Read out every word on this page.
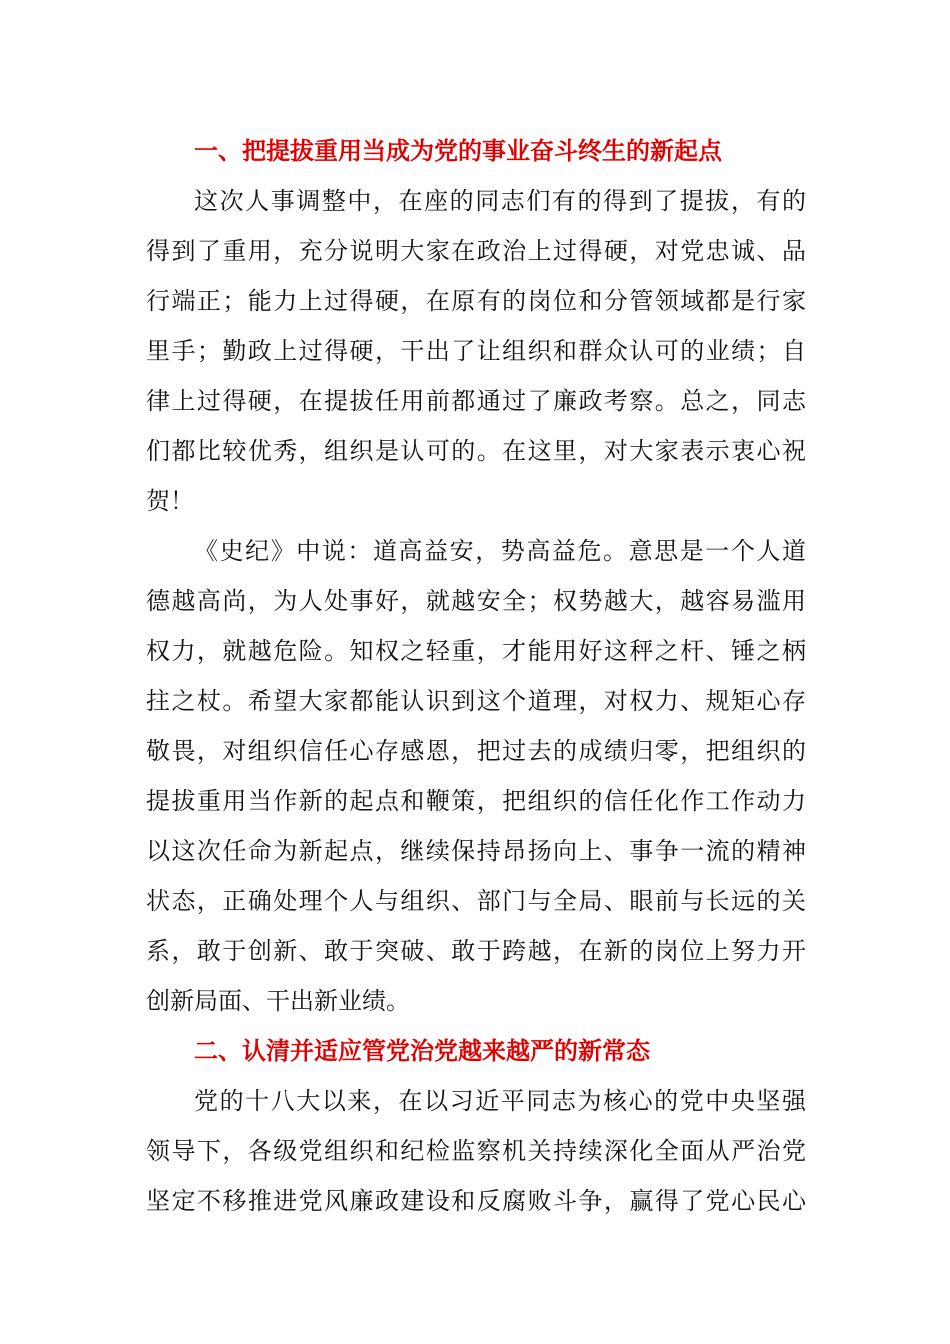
一、把提拔重用当成为党的事业奋斗终生的新起点
这次人事调整中，在座的同志们有的得到了提拔，有的
得到了重用，充分说明大家在政治上过得硬，对党忠诚、品
行端正；能力上过得硬，在原有的岗位和分管领域都是行家
里手；勤政上过得硬，干出了让组织和群众认可的业绩；自
律上过得硬，在提拔任用前都通过了廉政考察。总之，同志
们都比较优秀，组织是认可的。在这里，对大家表示衷心祝
贺！
《史纪》中说：道高益安，势高益危。意思是一个人道
德越高尚，为人处事好，就越安全；权势越大，越容易滥用
权力，就越危险。知权之轻重，才能用好这秤之杆、锤之柄
拄之杖。希望大家都能认识到这个道理，对权力、规矩心存
敬畏，对组织信任心存感恩，把过去的成绩归零，把组织的
提拔重用当作新的起点和鞭策，把组织的信任化作工作动力
以这次任命为新起点，继续保持昂扬向上、事争一流的精神
状态，正确处理个人与组织、部门与全局、眼前与长远的关
系，敢于创新、敢于突破、敢于跨越，在新的岗位上努力开
创新局面、干出新业绩。
二、认清并适应管党治党越来越严的新常态
党的十八大以来，在以习近平同志为核心的党中央坚强
领导下，各级党组织和纪检监察机关持续深化全面从严治党
坚定不移推进党风廉政建设和反腐败斗争，赢得了党心民心
